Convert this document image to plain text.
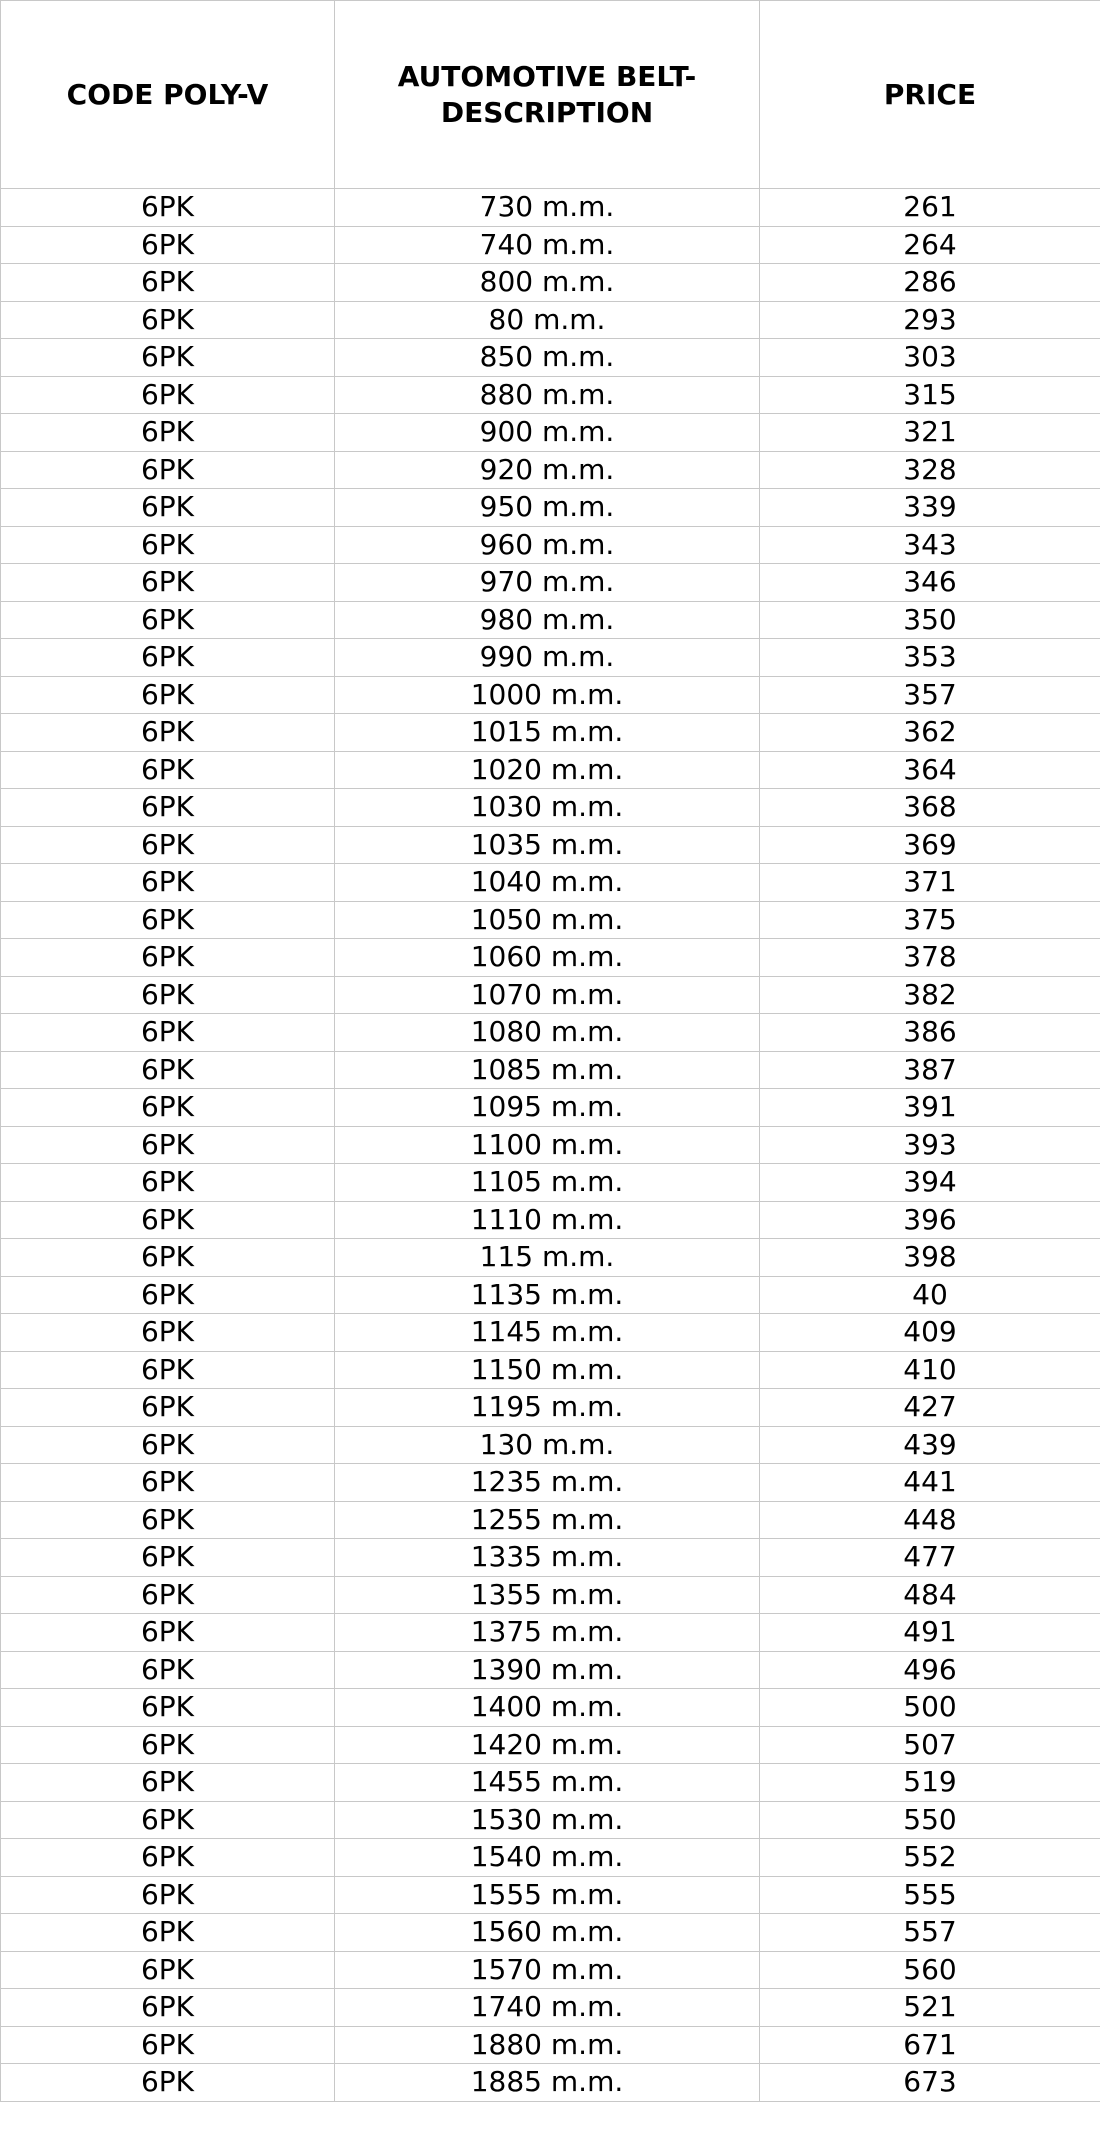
CODE POLY-V	AUTOMOTIVE BELT-DESCRIPTION	PRICE
6PK	730 m.m.	261
6PK	740 m.m.	264
6PK	800 m.m.	286
6PK	80 m.m.	293
6PK	850 m.m.	303
6PK	880 m.m.	315
6PK	900 m.m.	321
6PK	920 m.m.	328
6PK	950 m.m.	339
6PK	960 m.m.	343
6PK	970 m.m.	346
6PK	980 m.m.	350
6PK	990 m.m.	353
6PK	1000 m.m.	357
6PK	1015 m.m.	362
6PK	1020 m.m.	364
6PK	1030 m.m.	368
6PK	1035 m.m.	369
6PK	1040 m.m.	371
6PK	1050 m.m.	375
6PK	1060 m.m.	378
6PK	1070 m.m.	382
6PK	1080 m.m.	386
6PK	1085 m.m.	387
6PK	1095 m.m.	391
6PK	1100 m.m.	393
6PK	1105 m.m.	394
6PK	1110 m.m.	396
6PK	115 m.m.	398
6PK	1135 m.m.	40
6PK	1145 m.m.	409
6PK	1150 m.m.	410
6PK	1195 m.m.	427
6PK	130 m.m.	439
6PK	1235 m.m.	441
6PK	1255 m.m.	448
6PK	1335 m.m.	477
6PK	1355 m.m.	484
6PK	1375 m.m.	491
6PK	1390 m.m.	496
6PK	1400 m.m.	500
6PK	1420 m.m.	507
6PK	1455 m.m.	519
6PK	1530 m.m.	550
6PK	1540 m.m.	552
6PK	1555 m.m.	555
6PK	1560 m.m.	557
6PK	1570 m.m.	560
6PK	1740 m.m.	521
6PK	1880 m.m.	671
6PK	1885 m.m.	673
